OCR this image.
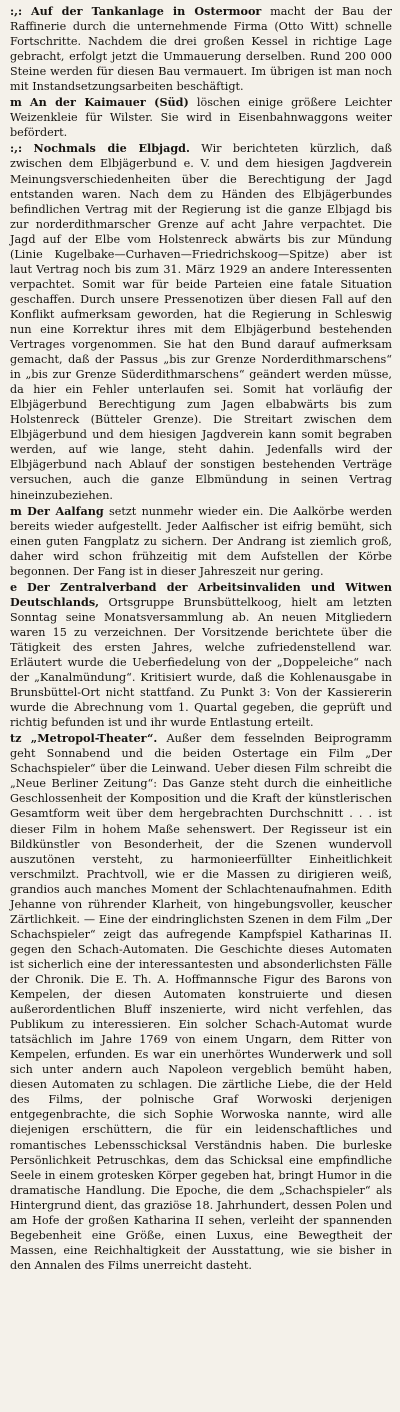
:,: Auf der Tankanlage in Ostermoor macht der Bau der Raffinerie durch die unternehmende Firma (Otto Witt) schnelle Fortschritte. Nachdem die drei großen Kessel in richtige Lage gebracht, erfolgt jetzt die Ummauerung derselben. Rund 200 000 Steine werden für diesen Bau vermauert. Im übrigen ist man noch mit Instandsetzungsarbeiten beschäftigt.

m An der Kaimauer (Süd) löschen einige größere Leichter Weizenkleie für Wilster. Sie wird in Eisenbahnwaggons weiter befördert.

:,: Nochmals die Elbjagd. Wir berichteten kürzlich, daß zwischen dem Elbjägerbund e. V. und dem hiesigen Jagdverein Meinungsverschiedenheiten über die Berechtigung der Jagd entstanden waren. Nach dem zu Händen des Elbjägerbundes befindlichen Vertrag mit der Regierung ist die ganze Elbjagd bis zur norderdithmarscher Grenze auf acht Jahre verpachtet. Die Jagd auf der Elbe vom Holstenreck abwärts bis zur Mündung (Linie Kugelbake—Curhaven—Friedrichskoog—Spitze) aber ist laut Vertrag noch bis zum 31. März 1929 an andere Interessenten verpachtet. Somit war für beide Parteien eine fatale Situation geschaffen. Durch unsere Pressenotizen über diesen Fall auf den Konflikt aufmerksam geworden, hat die Regierung in Schleswig nun eine Korrektur ihres mit dem Elbjägerbund bestehenden Vertrages vorgenommen. Sie hat den Bund darauf aufmerksam gemacht, daß der Passus „bis zur Grenze Norderdithmarschens“ in „bis zur Grenze Süderdithmarschens“ geändert werden müsse, da hier ein Fehler unterlaufen sei. Somit hat vorläufig der Elbjägerbund Berechtigung zum Jagen elbabwärts bis zum Holstenreck (Bütteler Grenze). Die Streitart zwischen dem Elbjägerbund und dem hiesigen Jagdverein kann somit begraben werden, auf wie lange, steht dahin. Jedenfalls wird der Elbjägerbund nach Ablauf der sonstigen bestehenden Verträge versuchen, auch die ganze Elbmündung in seinen Vertrag hineinzubeziehen.

m Der Aalfang setzt nunmehr wieder ein. Die Aalkörbe werden bereits wieder aufgestellt. Jeder Aalfischer ist eifrig bemüht, sich einen guten Fangplatz zu sichern. Der Andrang ist ziemlich groß, daher wird schon frühzeitig mit dem Aufstellen der Körbe begonnen. Der Fang ist in dieser Jahreszeit nur gering.

e Der Zentralverband der Arbeitsinvaliden und Witwen Deutschlands, Ortsgruppe Brunsbüttelkoog, hielt am letzten Sonntag seine Monatsversammlung ab. An neuen Mitgliedern waren 15 zu verzeichnen. Der Vorsitzende berichtete über die Tätigkeit des ersten Jahres, welche zufriedenstellend war. Erläutert wurde die Ueberfiedelung von der „Doppeleiche“ nach der „Kanalmündung“. Kritisiert wurde, daß die Kohlenausgabe in Brunsbüttel-Ort nicht stattfand. Zu Punkt 3: Von der Kassiererin wurde die Abrechnung vom 1. Quartal gegeben, die geprüft und richtig befunden ist und ihr wurde Entlastung erteilt.

tz „Metropol-Theater“. Außer dem fesselnden Beiprogramm geht Sonnabend und die beiden Ostertage ein Film „Der Schachspieler“ über die Leinwand. Ueber diesen Film schreibt die „Neue Berliner Zeitung“: Das Ganze steht durch die einheitliche Geschlossenheit der Komposition und die Kraft der künstlerischen Gesamtform weit über dem hergebrachten Durchschnitt . . . ist dieser Film in hohem Maße sehenswert. Der Regisseur ist ein Bildkünstler von Besonderheit, der die Szenen wundervoll auszutönen versteht, zu harmonieerfüllter Einheitlichkeit verschmilzt. Prachtvoll, wie er die Massen zu dirigieren weiß, grandios auch manches Moment der Schlachtenaufnahmen. Edith Jehanne von rührender Klarheit, von hingebungsvoller, keuscher Zärtlichkeit. — Eine der eindringlichsten Szenen in dem Film „Der Schachspieler“ zeigt das aufregende Kampfspiel Katharinas II. gegen den Schach-Automaten. Die Geschichte dieses Automaten ist sicherlich eine der interessantesten und absonderlichsten Fälle der Chronik. Die E. Th. A. Hoffmannsche Figur des Barons von Kempelen, der diesen Automaten konstruierte und diesen außerordentlichen Bluff inszenierte, wird nicht verfehlen, das Publikum zu interessieren. Ein solcher Schach-Automat wurde tatsächlich im Jahre 1769 von einem Ungarn, dem Ritter von Kempelen, erfunden. Es war ein unerhörtes Wunderwerk und soll sich unter andern auch Napoleon vergeblich bemüht haben, diesen Automaten zu schlagen. Die zärtliche Liebe, die der Held des Films, der polnische Graf Worwoski derjenigen entgegenbrachte, die sich Sophie Worwoska nannte, wird alle diejenigen erschüttern, die für ein leidenschaftliches und romantisches Lebensschicksal Verständnis haben. Die burleske Persönlichkeit Petruschkas, dem das Schicksal eine empfindliche Seele in einem grotesken Körper gegeben hat, bringt Humor in die dramatische Handlung. Die Epoche, die dem „Schachspieler“ als Hintergrund dient, das graziöse 18. Jahrhundert, dessen Polen und am Hofe der großen Katharina II sehen, verleiht der spannenden Begebenheit eine Größe, einen Luxus, eine Bewegtheit der Massen, eine Reichhaltigkeit der Ausstattung, wie sie bisher in den Annalen des Films unerreicht dasteht.
